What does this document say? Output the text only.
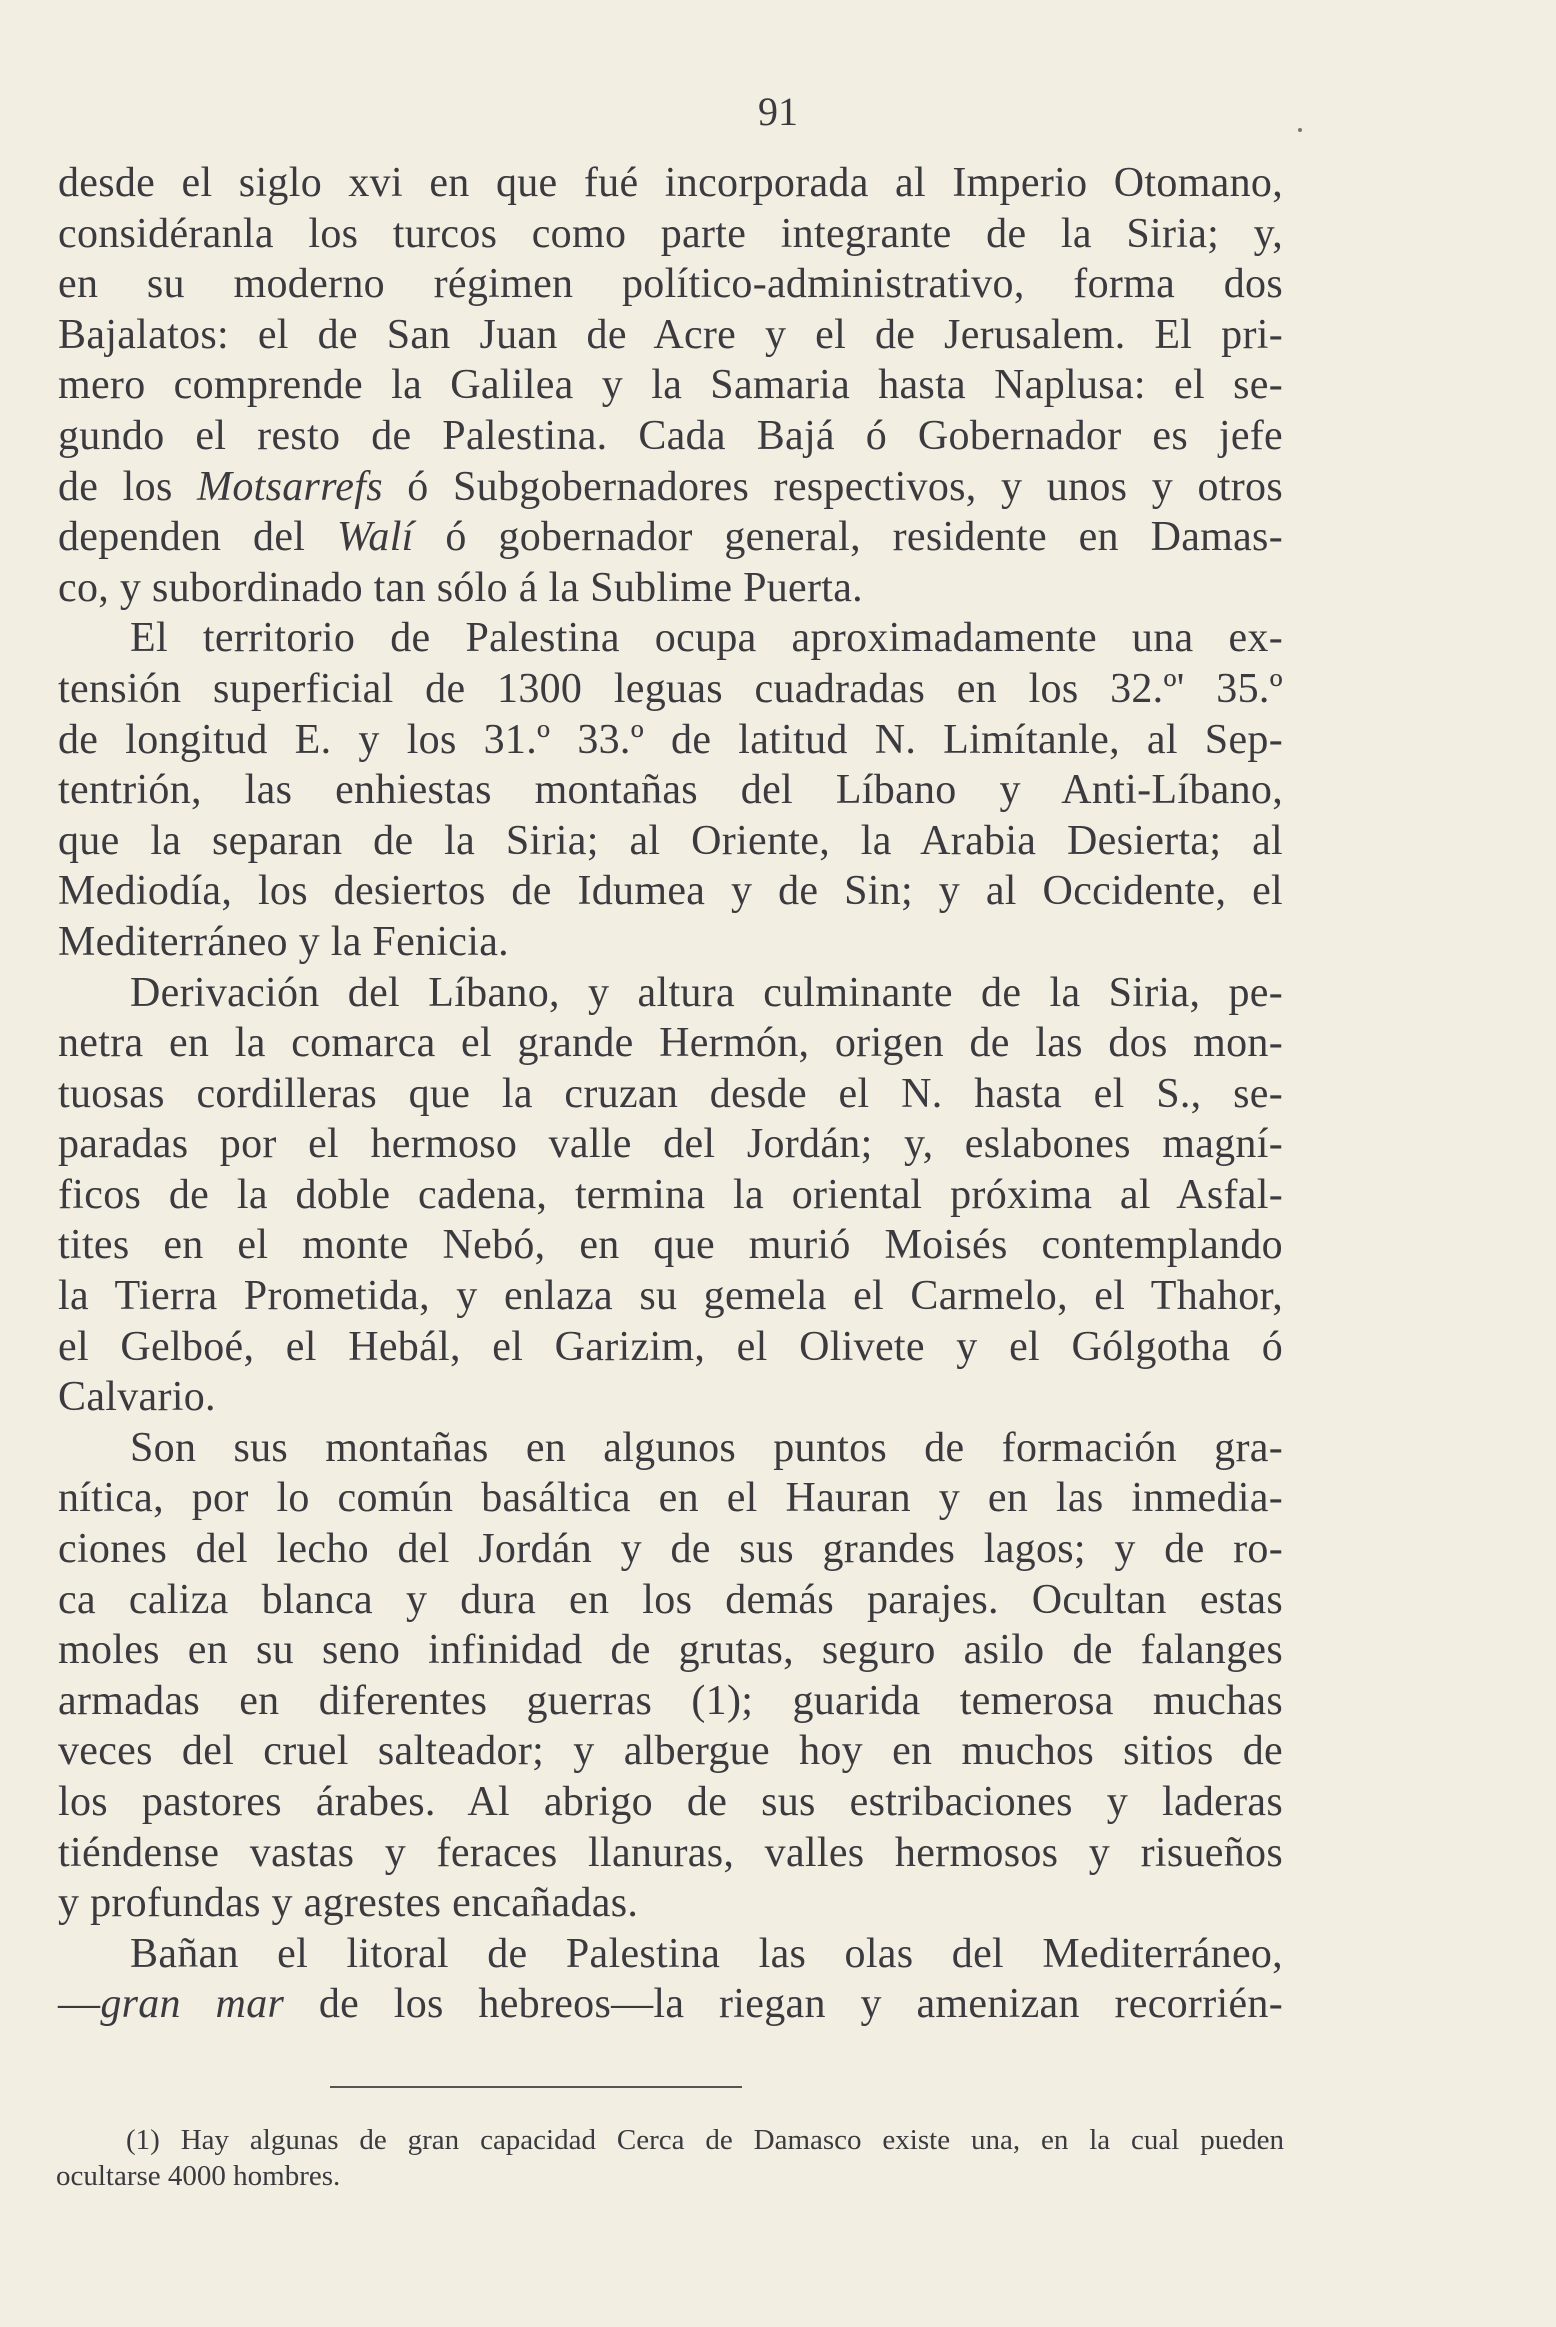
91
desde el siglo xvi en que fué incorporada al Imperio Otomano,
considéranla los turcos como parte integrante de la Siria; y,
en su moderno régimen político-administrativo, forma dos
Bajalatos: el de San Juan de Acre y el de Jerusalem. El pri-
mero comprende la Galilea y la Samaria hasta Naplusa: el se-
gundo el resto de Palestina. Cada Bajá ó Gobernador es jefe
de los Motsarrefs ó Subgobernadores respectivos, y unos y otros
dependen del Walí ó gobernador general, residente en Damas-
co, y subordinado tan sólo á la Sublime Puerta.
El territorio de Palestina ocupa aproximadamente una ex-
tensión superficial de 1300 leguas cuadradas en los 32.º' 35.º
de longitud E. y los 31.º 33.º de latitud N. Limítanle, al Sep-
tentrión, las enhiestas montañas del Líbano y Anti-Líbano,
que la separan de la Siria; al Oriente, la Arabia Desierta; al
Mediodía, los desiertos de Idumea y de Sin; y al Occidente, el
Mediterráneo y la Fenicia.
Derivación del Líbano, y altura culminante de la Siria, pe-
netra en la comarca el grande Hermón, origen de las dos mon-
tuosas cordilleras que la cruzan desde el N. hasta el S., se-
paradas por el hermoso valle del Jordán; y, eslabones magní-
ficos de la doble cadena, termina la oriental próxima al Asfal-
tites en el monte Nebó, en que murió Moisés contemplando
la Tierra Prometida, y enlaza su gemela el Carmelo, el Thahor,
el Gelboé, el Hebál, el Garizim, el Olivete y el Gólgotha ó
Calvario.
Son sus montañas en algunos puntos de formación gra-
nítica, por lo común basáltica en el Hauran y en las inmedia-
ciones del lecho del Jordán y de sus grandes lagos; y de ro-
ca caliza blanca y dura en los demás parajes. Ocultan estas
moles en su seno infinidad de grutas, seguro asilo de falanges
armadas en diferentes guerras (1); guarida temerosa muchas
veces del cruel salteador; y albergue hoy en muchos sitios de
los pastores árabes. Al abrigo de sus estribaciones y laderas
tiéndense vastas y feraces llanuras, valles hermosos y risueños
y profundas y agrestes encañadas.
Bañan el litoral de Palestina las olas del Mediterráneo,
—gran mar de los hebreos—la riegan y amenizan recorrién-
(1) Hay algunas de gran capacidad Cerca de Damasco existe una, en la cual pueden
ocultarse 4000 hombres.
